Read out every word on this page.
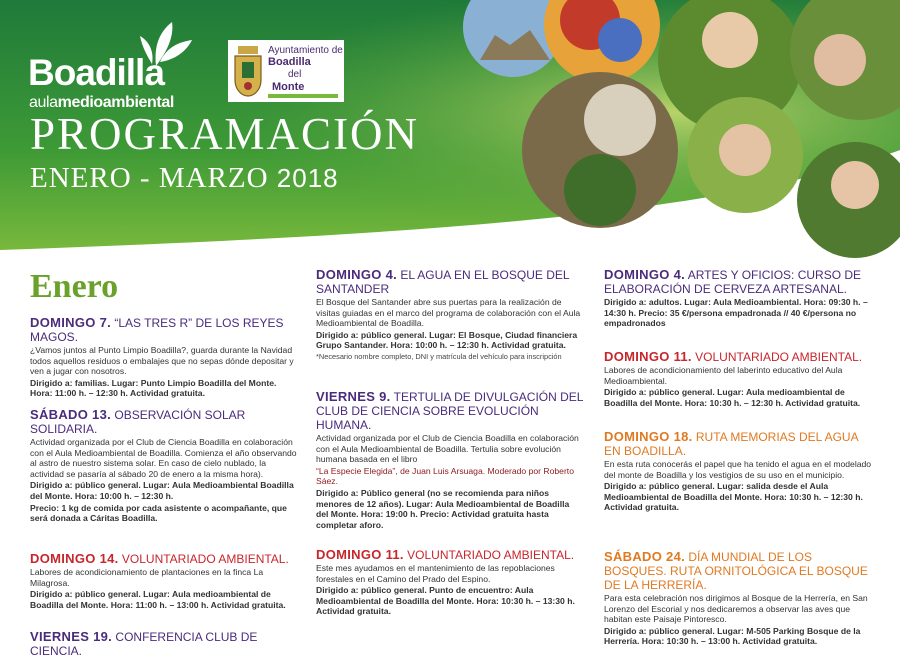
Boadilla
aulamedioambiental
Ayuntamiento de
Boadilla
del
Monte
PROGRAMACIÓN
ENERO - MARZO 2018
Enero

DOMINGO 7. “LAS TRES R” DE LOS REYES MAGOS.

¿Vamos juntos al Punto Limpio Boadilla?, guarda durante la Navidad todos aquellos residuos o embalajes que no sepas dónde depositar y ven a jugar con nosotros.

Dirigido a: familias. Lugar: Punto Limpio Boadilla del Monte. Hora: 11:00 h. – 12:30 h. Actividad gratuita.

SÁBADO 13. OBSERVACIÓN SOLAR SOLIDARIA.

Actividad organizada por el Club de Ciencia Boadilla en colaboración con el Aula Medioambiental de Boadilla. Comienza el año observando al astro de nuestro sistema solar. En caso de cielo nublado, la actividad se pasaría al sábado 20 de enero a la misma hora).

Dirigido a: público general. Lugar: Aula Medioambiental Boadilla del Monte. Hora: 10:00 h. – 12:30 h.

Precio: 1 kg de comida por cada asistente o acompañante, que será donada a Cáritas Boadilla.

DOMINGO 14. VOLUNTARIADO AMBIENTAL.

Labores de acondicionamiento de plantaciones en la finca La Milagrosa.

Dirigido a: público general. Lugar: Aula medioambiental de Boadilla del Monte. Hora: 11:00 h. – 13:00 h. Actividad gratuita.

VIERNES 19. CONFERENCIA CLUB DE CIENCIA.

DOMINGO 4. EL AGUA EN EL BOSQUE DEL SANTANDER

El Bosque del Santander abre sus puertas para la realización de visitas guiadas en el marco del programa de colaboración con el Aula Medioambiental de Boadilla.

Dirigido a: público general. Lugar: El Bosque, Ciudad financiera Grupo Santander. Hora: 10:00 h. – 12:30 h. Actividad gratuita.

*Necesario nombre completo, DNI y matrícula del vehículo para inscripción

VIERNES 9. TERTULIA DE DIVULGACIÓN DEL CLUB DE CIENCIA SOBRE EVOLUCIÓN HUMANA.

Actividad organizada por el Club de Ciencia Boadilla en colaboración con el Aula Medioambiental de Boadilla. Tertulia sobre evolución humana basada en el libro

“La Especie Elegida”, de Juan Luis Arsuaga. Moderado por Roberto Sáez.

Dirigido a: Público general (no se recomienda para niños menores de 12 años). Lugar: Aula Medioambiental de Boadilla del Monte. Hora: 19:00 h. Precio: Actividad gratuita hasta completar aforo.

DOMINGO 11. VOLUNTARIADO AMBIENTAL.

Este mes ayudamos en el mantenimiento de las repoblaciones forestales en el Camino del Prado del Espino.

Dirigido a: público general. Punto de encuentro: Aula Medioambiental de Boadilla del Monte. Hora: 10:30 h. – 13:30 h. Actividad gratuita.

DOMINGO 4. ARTES Y OFICIOS: CURSO DE ELABORACIÓN DE CERVEZA ARTESANAL.

Dirigido a: adultos. Lugar: Aula Medioambiental. Hora: 09:30 h. – 14:30 h. Precio: 35 €/persona empadronada // 40 €/persona no empadronados

DOMINGO 11. VOLUNTARIADO AMBIENTAL.

Labores de acondicionamiento del laberinto educativo del Aula Medioambiental.

Dirigido a: público general. Lugar: Aula medioambiental de Boadilla del Monte. Hora: 10:30 h. – 12:30 h. Actividad gratuita.

DOMINGO 18. RUTA MEMORIAS DEL AGUA EN BOADILLA.

En esta ruta conocerás el papel que ha tenido el agua en el modelado del monte de Boadilla y los vestigios de su uso en el municipio.

Dirigido a: público general. Lugar: salida desde el Aula Medioambiental de Boadilla del Monte. Hora: 10:30 h. – 12:30 h. Actividad gratuita.

SÁBADO 24. DÍA MUNDIAL DE LOS BOSQUES. RUTA ORNITOLÓGICA EL BOSQUE DE LA HERRERÍA.

Para esta celebración nos dirigimos al Bosque de la Herrería, en San Lorenzo del Escorial y nos dedicaremos a observar las aves que habitan este Paisaje Pintoresco.

Dirigido a: público general. Lugar: M-505 Parking Bosque de la Herrería. Hora: 10:30 h. – 13:00 h. Actividad gratuita.
